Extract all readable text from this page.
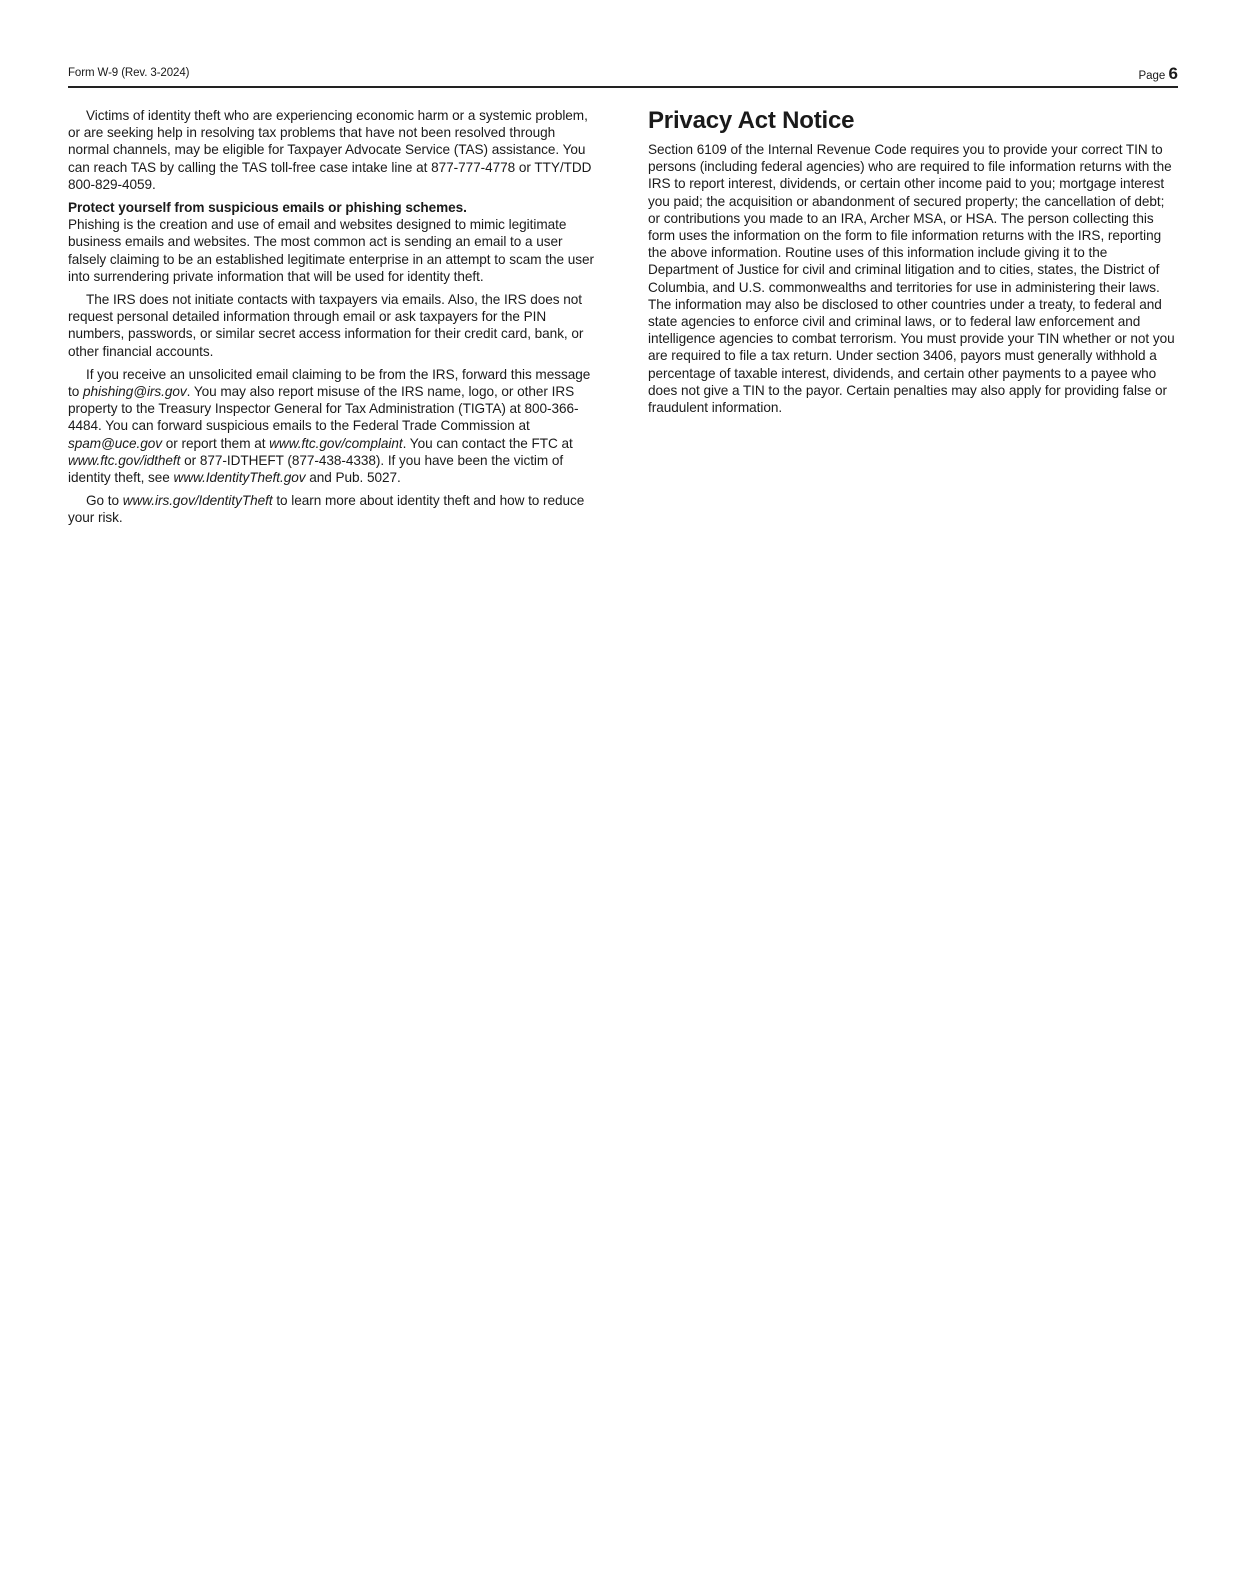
Form W-9 (Rev. 3-2024)	Page 6

Victims of identity theft who are experiencing economic harm or a systemic problem, or are seeking help in resolving tax problems that have not been resolved through normal channels, may be eligible for Taxpayer Advocate Service (TAS) assistance. You can reach TAS by calling the TAS toll-free case intake line at 877-777-4778 or TTY/TDD 800-829-4059.

Protect yourself from suspicious emails or phishing schemes.
Phishing is the creation and use of email and websites designed to mimic legitimate business emails and websites. The most common act is sending an email to a user falsely claiming to be an established legitimate enterprise in an attempt to scam the user into surrendering private information that will be used for identity theft.

The IRS does not initiate contacts with taxpayers via emails. Also, the IRS does not request personal detailed information through email or ask taxpayers for the PIN numbers, passwords, or similar secret access information for their credit card, bank, or other financial accounts.

If you receive an unsolicited email claiming to be from the IRS, forward this message to phishing@irs.gov. You may also report misuse of the IRS name, logo, or other IRS property to the Treasury Inspector General for Tax Administration (TIGTA) at 800-366-4484. You can forward suspicious emails to the Federal Trade Commission at spam@uce.gov or report them at www.ftc.gov/complaint. You can contact the FTC at www.ftc.gov/idtheft or 877-IDTHEFT (877-438-4338). If you have been the victim of identity theft, see www.IdentityTheft.gov and Pub. 5027.

Go to www.irs.gov/IdentityTheft to learn more about identity theft and how to reduce your risk.

Privacy Act Notice

Section 6109 of the Internal Revenue Code requires you to provide your correct TIN to persons (including federal agencies) who are required to file information returns with the IRS to report interest, dividends, or certain other income paid to you; mortgage interest you paid; the acquisition or abandonment of secured property; the cancellation of debt; or contributions you made to an IRA, Archer MSA, or HSA. The person collecting this form uses the information on the form to file information returns with the IRS, reporting the above information. Routine uses of this information include giving it to the Department of Justice for civil and criminal litigation and to cities, states, the District of Columbia, and U.S. commonwealths and territories for use in administering their laws. The information may also be disclosed to other countries under a treaty, to federal and state agencies to enforce civil and criminal laws, or to federal law enforcement and intelligence agencies to combat terrorism. You must provide your TIN whether or not you are required to file a tax return. Under section 3406, payors must generally withhold a percentage of taxable interest, dividends, and certain other payments to a payee who does not give a TIN to the payor. Certain penalties may also apply for providing false or fraudulent information.
